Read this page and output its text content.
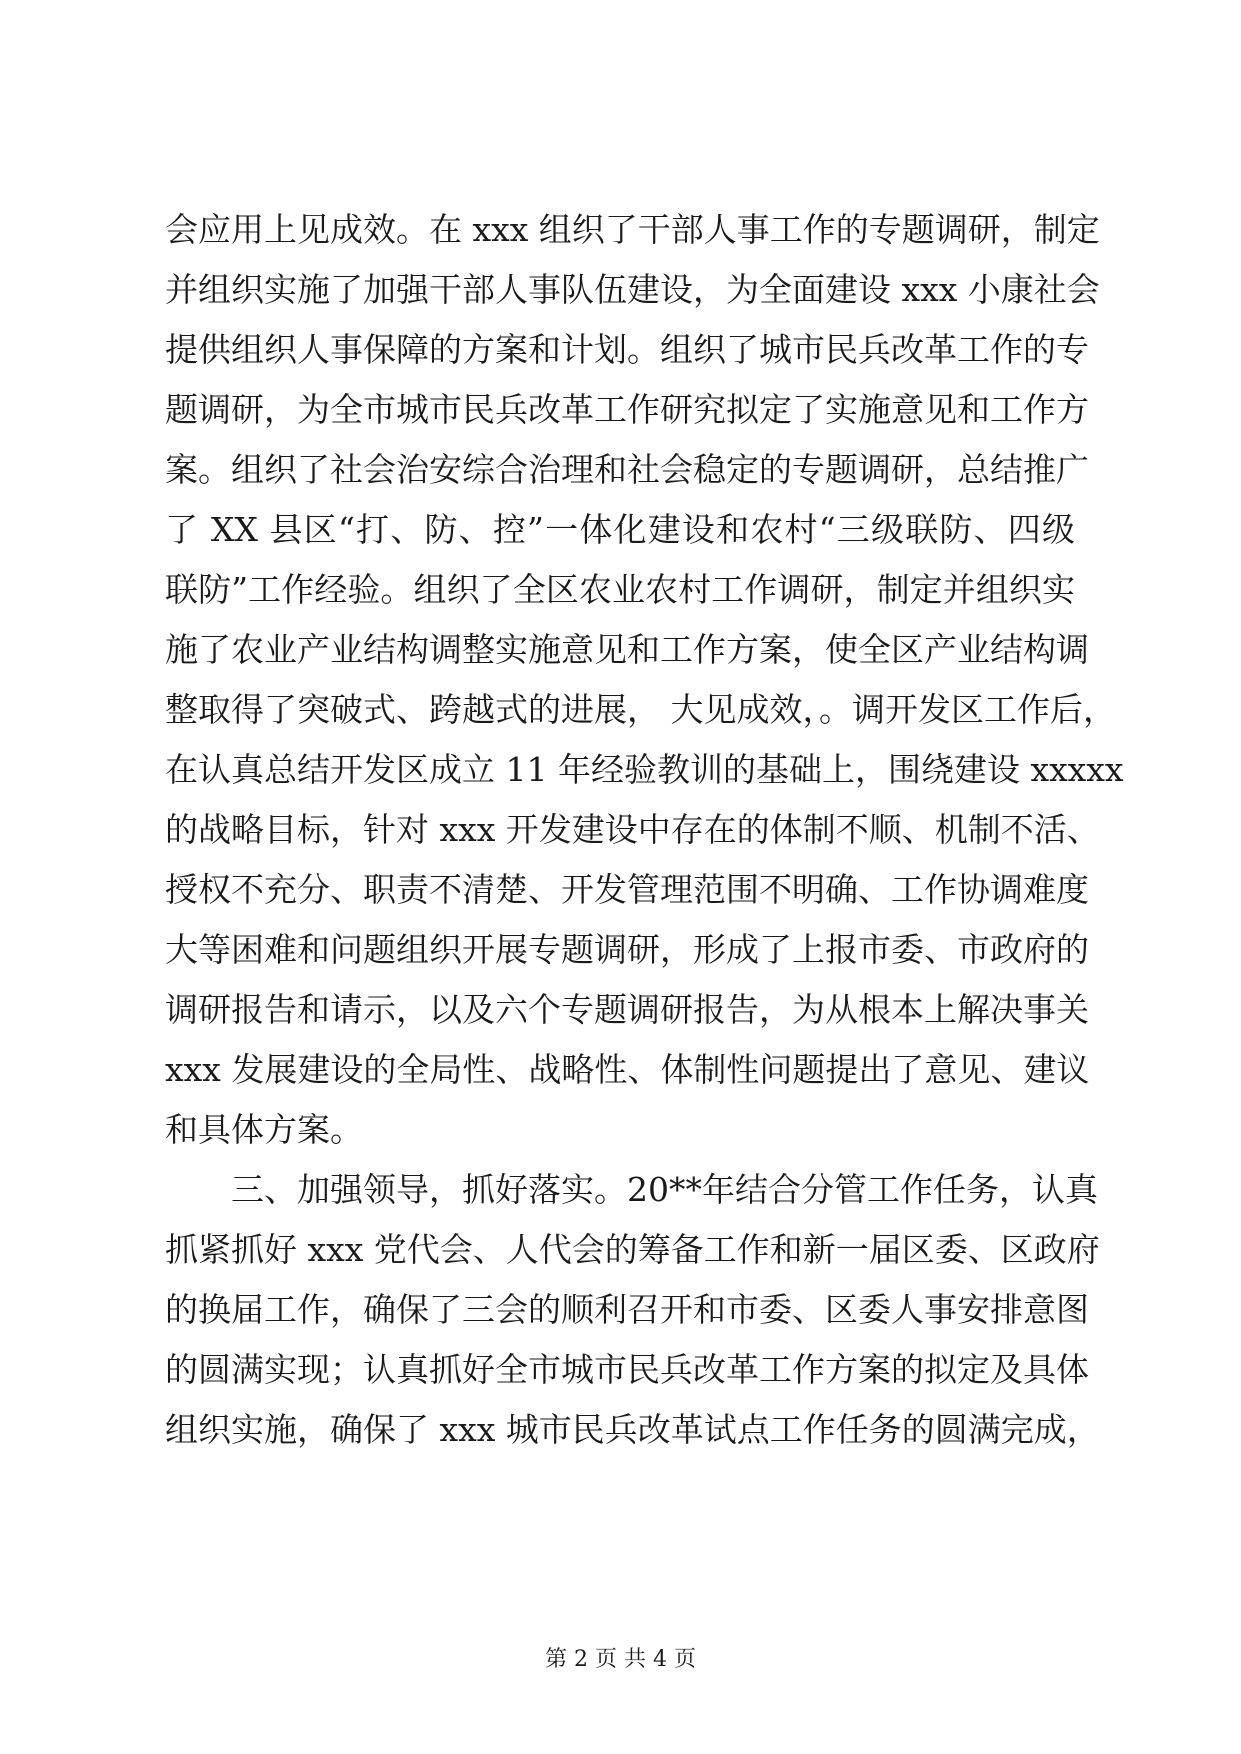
会应用上见成效。在 xxx 组织了干部人事工作的专题调研，制定
并组织实施了加强干部人事队伍建设，为全面建设 xxx 小康社会
提供组织人事保障的方案和计划。组织了城市民兵改革工作的专
题调研，为全市城市民兵改革工作研究拟定了实施意见和工作方
案。组织了社会治安综合治理和社会稳定的专题调研，总结推广
了 XX 县区“打、防、控”一体化建设和农村“三级联防、四级
联防”工作经验。组织了全区农业农村工作调研，制定并组织实
施了农业产业结构调整实施意见和工作方案，使全区产业结构调
整取得了突破式、跨越式的进展， 大见成效，。调开发区工作后，
在认真总结开发区成立 11 年经验教训的基础上，围绕建设 xxxxx
的战略目标，针对 xxx 开发建设中存在的体制不顺、机制不活、
授权不充分、职责不清楚、开发管理范围不明确、工作协调难度
大等困难和问题组织开展专题调研，形成了上报市委、市政府的
调研报告和请示，以及六个专题调研报告，为从根本上解决事关
xxx 发展建设的全局性、战略性、体制性问题提出了意见、建议
和具体方案。
　　三、加强领导，抓好落实。20**年结合分管工作任务，认真
抓紧抓好 xxx 党代会、人代会的筹备工作和新一届区委、区政府
的换届工作，确保了三会的顺利召开和市委、区委人事安排意图
的圆满实现；认真抓好全市城市民兵改革工作方案的拟定及具体
组织实施，确保了 xxx 城市民兵改革试点工作任务的圆满完成，
第 2 页 共 4 页
